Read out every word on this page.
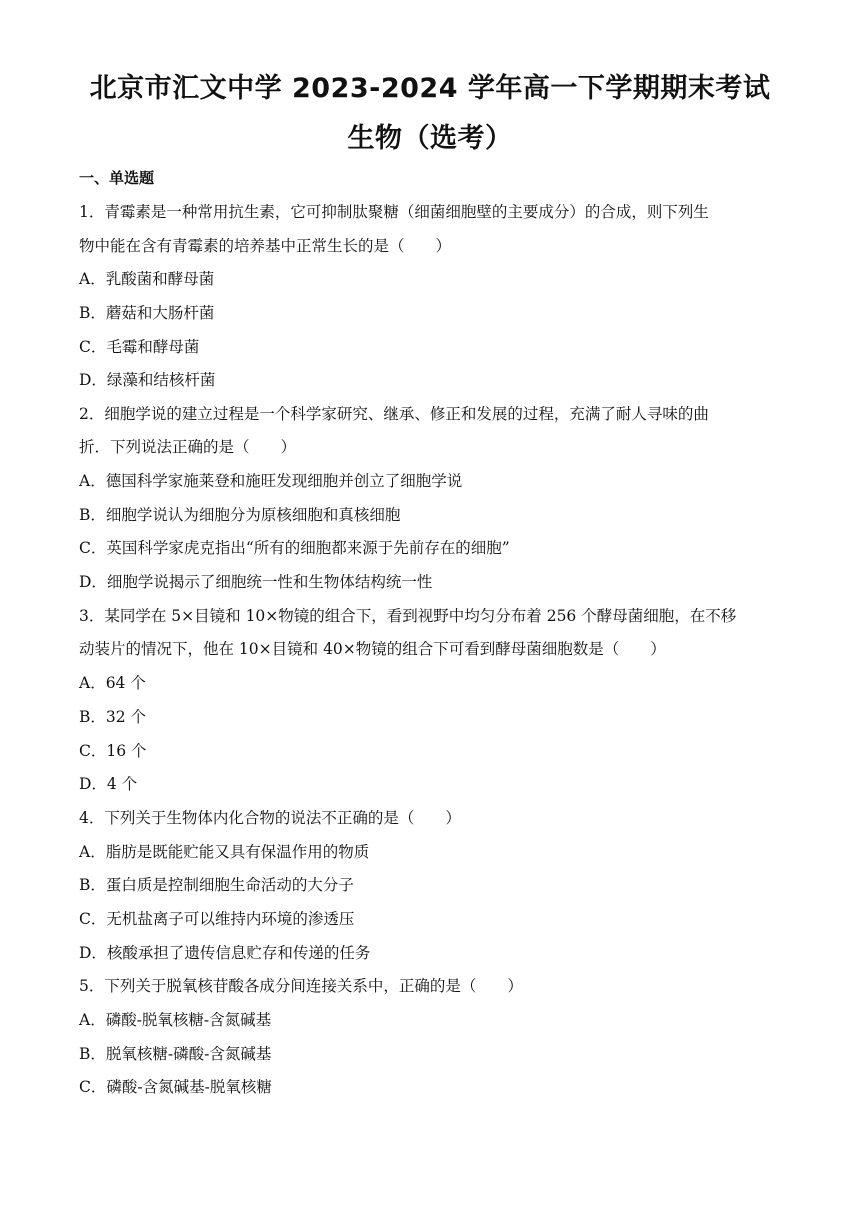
北京市汇文中学 2023-2024 学年高一下学期期末考试
生物（选考）
一、单选题
1．青霉素是一种常用抗生素，它可抑制肽聚糖（细菌细胞壁的主要成分）的合成，则下列生
物中能在含有青霉素的培养基中正常生长的是（　　）
A．乳酸菌和酵母菌
B．蘑菇和大肠杆菌
C．毛霉和酵母菌
D．绿藻和结核杆菌
2．细胞学说的建立过程是一个科学家研究、继承、修正和发展的过程，充满了耐人寻味的曲
折．下列说法正确的是（　　）
A．德国科学家施莱登和施旺发现细胞并创立了细胞学说
B．细胞学说认为细胞分为原核细胞和真核细胞
C．英国科学家虎克指出“所有的细胞都来源于先前存在的细胞”
D．细胞学说揭示了细胞统一性和生物体结构统一性
3．某同学在 5×目镜和 10×物镜的组合下，看到视野中均匀分布着 256 个酵母菌细胞，在不移
动装片的情况下，他在 10×目镜和 40×物镜的组合下可看到酵母菌细胞数是（　　）
A．64 个
B．32 个
C．16 个
D．4 个
4．下列关于生物体内化合物的说法不正确的是（　　）
A．脂肪是既能贮能又具有保温作用的物质
B．蛋白质是控制细胞生命活动的大分子
C．无机盐离子可以维持内环境的渗透压
D．核酸承担了遗传信息贮存和传递的任务
5．下列关于脱氧核苷酸各成分间连接关系中，正确的是（　　）
A．磷酸-脱氧核糖-含氮碱基
B．脱氧核糖-磷酸-含氮碱基
C．磷酸-含氮碱基-脱氧核糖
